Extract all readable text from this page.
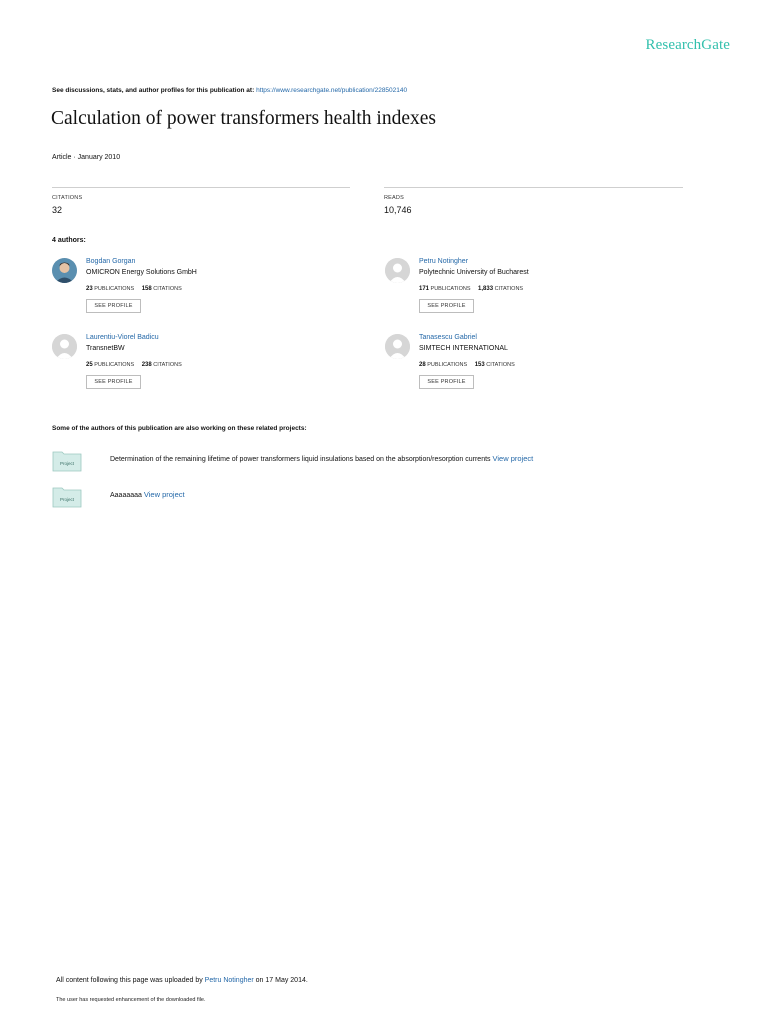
ResearchGate
See discussions, stats, and author profiles for this publication at: https://www.researchgate.net/publication/228502140
Calculation of power transformers health indexes
Article · January 2010
CITATIONS
32
READS
10,746
4 authors:
Bogdan Gorgan
OMICRON Energy Solutions GmbH
23 PUBLICATIONS 158 CITATIONS
SEE PROFILE
Petru Notingher
Polytechnic University of Bucharest
171 PUBLICATIONS 1,833 CITATIONS
SEE PROFILE
Laurentiu-Viorel Badicu
TransnetBW
25 PUBLICATIONS 238 CITATIONS
SEE PROFILE
Tanasescu Gabriel
SIMTECH INTERNATIONAL
28 PUBLICATIONS 153 CITATIONS
SEE PROFILE
Some of the authors of this publication are also working on these related projects:
Project
Determination of the remaining lifetime of power transformers liquid insulations based on the absorption/resorption currents View project
Project
Aaaaaaaa View project
All content following this page was uploaded by Petru Notingher on 17 May 2014.
The user has requested enhancement of the downloaded file.
